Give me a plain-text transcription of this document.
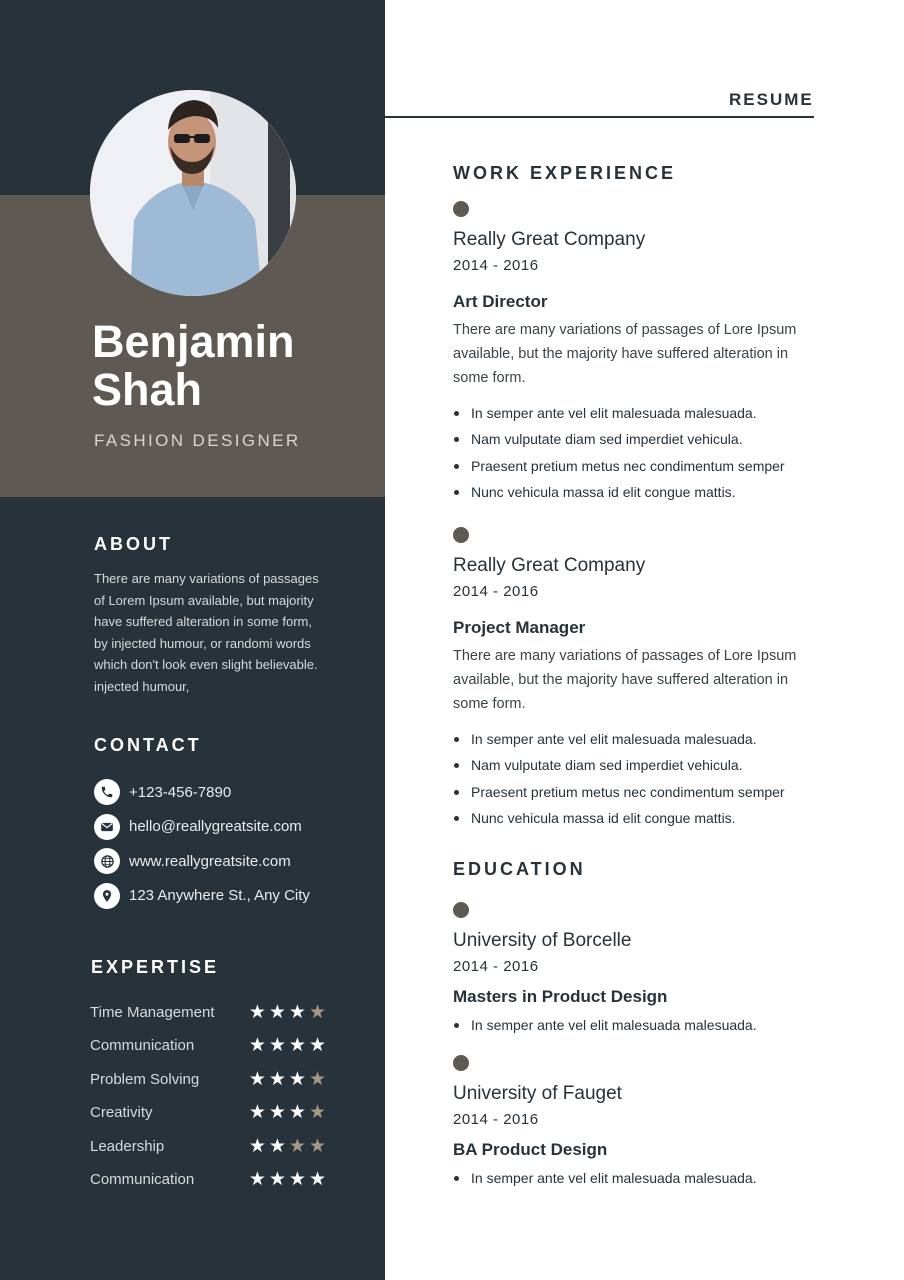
Benjamin
Shah
FASHION DESIGNER
ABOUT
There are many variations of passages
of Lorem Ipsum available, but majority
have suffered alteration in some form,
by injected humour, or randomi words
which don't look even slight believable.
injected humour,
CONTACT
+123-456-7890
hello@reallygreatsite.com
www.reallygreatsite.com
123 Anywhere St., Any City
EXPERTISE
Time Management ★ ★ ★ ★
Communication	★ ★ ★ ★
Problem Solving	★ ★ ★ ★
Creativity	★ ★ ★ ★
Leadership	★ ★ ★ ★
Communication	★ ★ ★ ★
RESUME
WORK EXPERIENCE
Really Great Company
2014 - 2016
Art Director
There are many variations of passages of Lore Ipsum
available, but the majority have suffered alteration in
some form.
In semper ante vel elit malesuada malesuada.
Nam vulputate diam sed imperdiet vehicula.
Praesent pretium metus nec condimentum semper
Nunc vehicula massa id elit congue mattis.
Really Great Company
2014 - 2016
Project Manager
There are many variations of passages of Lore Ipsum
available, but the majority have suffered alteration in
some form.
In semper ante vel elit malesuada malesuada.
Nam vulputate diam sed imperdiet vehicula.
Praesent pretium metus nec condimentum semper
Nunc vehicula massa id elit congue mattis.
EDUCATION
University of Borcelle
2014 - 2016
Masters in Product Design
In semper ante vel elit malesuada malesuada.
University of Fauget
2014 - 2016
BA Product Design
In semper ante vel elit malesuada malesuada.
